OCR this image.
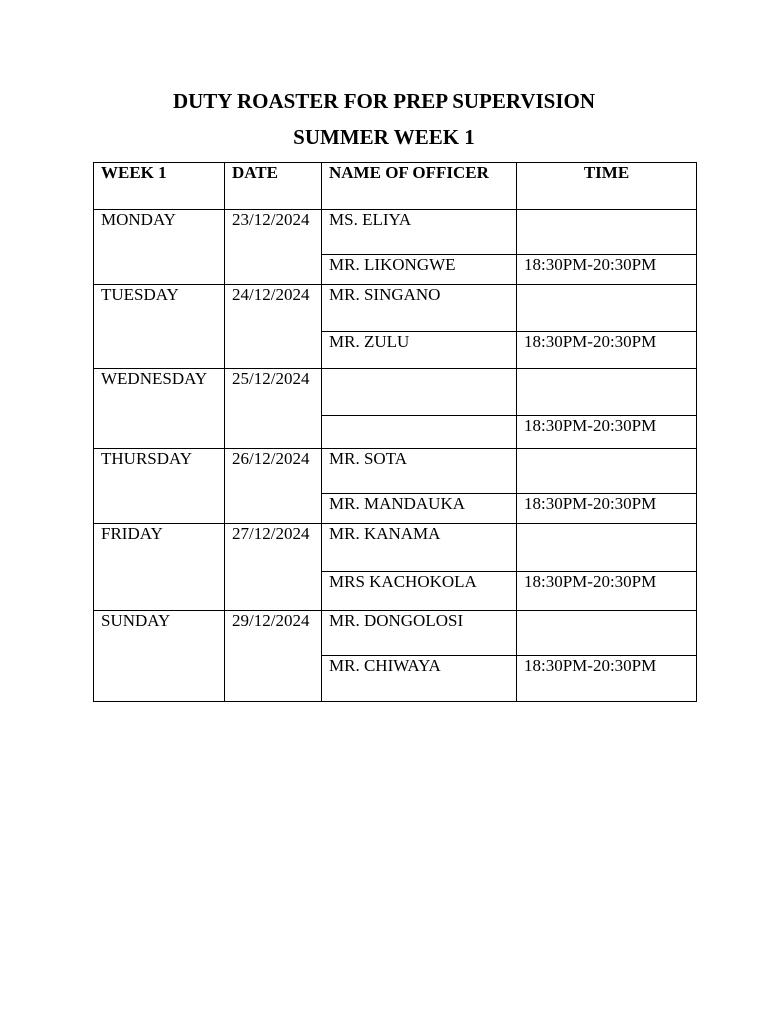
DUTY ROASTER FOR PREP SUPERVISION
SUMMER WEEK 1
WEEK 1	DATE	NAME OF OFFICER	TIME
MONDAY	23/12/2024	MS. ELIYA	
		MR. LIKONGWE	18:30PM-20:30PM
TUESDAY	24/12/2024	MR. SINGANO	
		MR. ZULU	18:30PM-20:30PM
WEDNESDAY	25/12/2024		
			18:30PM-20:30PM
THURSDAY	26/12/2024	MR. SOTA	
		MR. MANDAUKA	18:30PM-20:30PM
FRIDAY	27/12/2024	MR. KANAMA	
		MRS KACHOKOLA	18:30PM-20:30PM
SUNDAY	29/12/2024	MR. DONGOLOSI	
		MR. CHIWAYA	18:30PM-20:30PM
